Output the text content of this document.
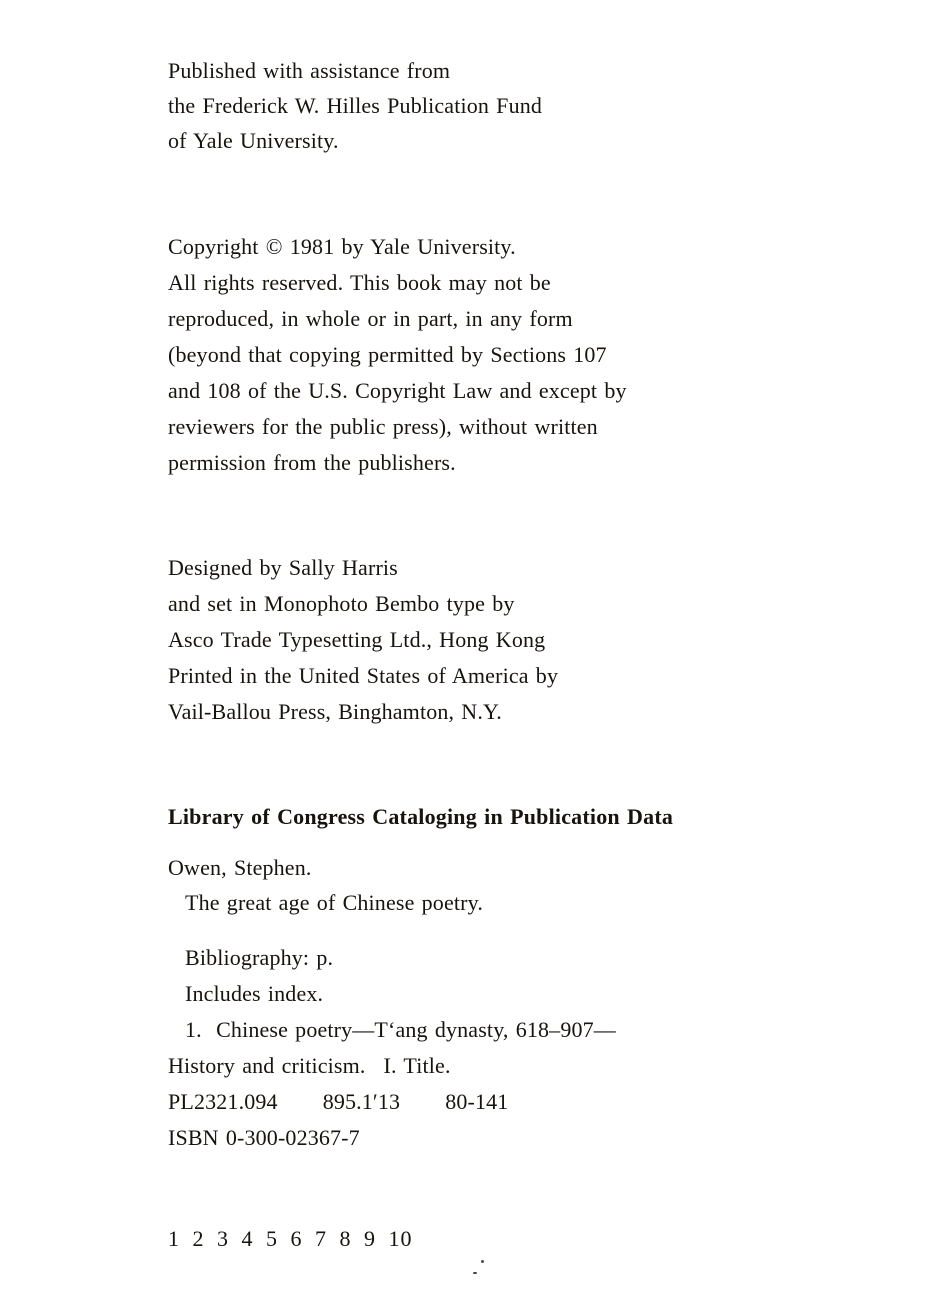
Published with assistance from

the Frederick W. Hilles Publication Fund

of Yale University.

Copyright © 1981 by Yale University.

All rights reserved. This book may not be

reproduced, in whole or in part, in any form

(beyond that copying permitted by Sections 107

and 108 of the U.S. Copyright Law and except by

reviewers for the public press), without written

permission from the publishers.

Designed by Sally Harris

and set in Monophoto Bembo type by

Asco Trade Typesetting Ltd., Hong Kong

Printed in the United States of America by

Vail-Ballou Press, Binghamton, N.Y.

Library of Congress Cataloging in Publication Data

Owen, Stephen.

The great age of Chinese poetry.

Bibliography: p.

Includes index.

1.  Chinese poetry—T‘ang dynasty, 618–907—

History and criticism. I. Title.
PL2321.094 895.1′13 80-141

ISBN 0-300-02367-7

1 2 3 4 5 6 7 8 9 10
